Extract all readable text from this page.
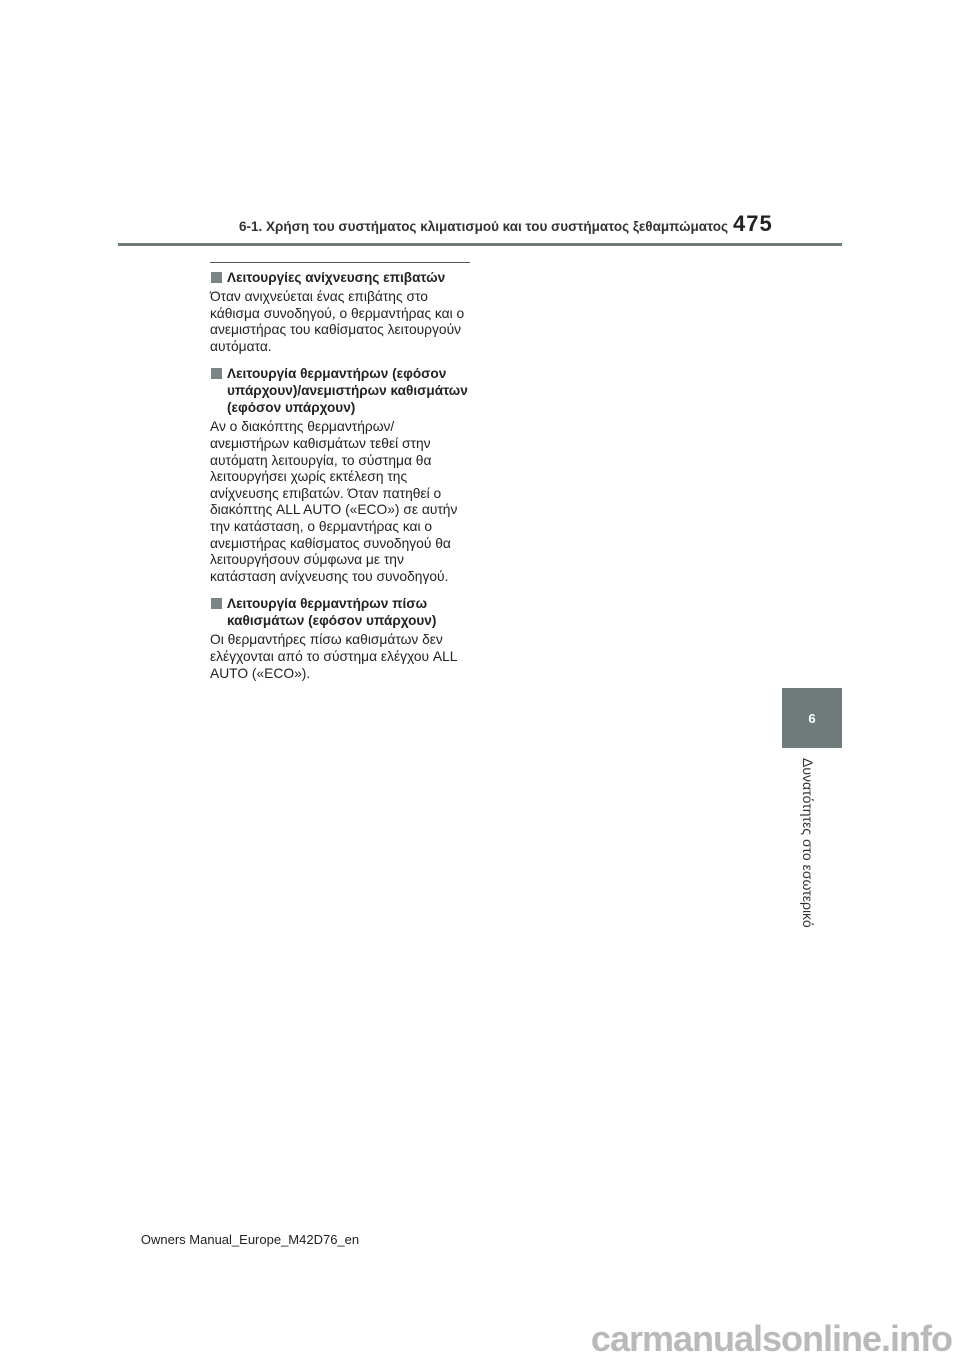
6-1. Χρήση του συστήματος κλιματισμού και του συστήματος ξεθαμπώματος 475
Λειτουργίες ανίχνευσης επιβατών
Όταν ανιχνεύεται ένας επιβάτης στο κάθισμα συνοδηγού, ο θερμαντήρας και ο ανεμιστήρας του καθίσματος λειτουργούν αυτόματα.
Λειτουργία θερμαντήρων (εφόσον υπάρχουν)/ανεμιστήρων καθισμάτων (εφόσον υπάρχουν)
Αν ο διακόπτης θερμαντήρων/ανεμιστήρων καθισμάτων τεθεί στην αυτόματη λειτουργία, το σύστημα θα λειτουργήσει χωρίς εκτέλεση της ανίχνευσης επιβατών. Όταν πατηθεί ο διακόπτης ALL AUTO («ECO») σε αυτήν την κατάσταση, ο θερμαντήρας και ο ανεμιστήρας καθίσματος συνοδηγού θα λειτουργήσουν σύμφωνα με την κατάσταση ανίχνευσης του συνοδηγού.
Λειτουργία θερμαντήρων πίσω καθισμάτων (εφόσον υπάρχουν)
Οι θερμαντήρες πίσω καθισμάτων δεν ελέγχονται από το σύστημα ελέγχου ALL AUTO («ECO»).
6
Δυνατότητες στο εσωτερικό
Owners Manual_Europe_M42D76_en
carmanualsonline.info
